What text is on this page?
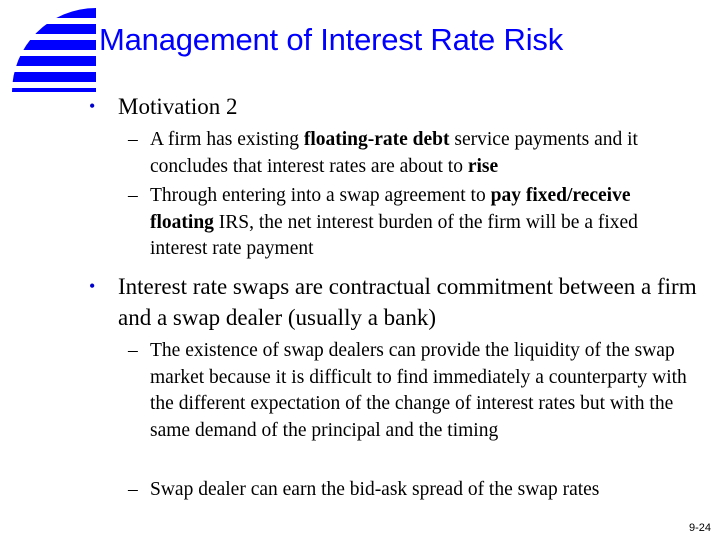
Management of Interest Rate Risk
• Motivation 2
– A firm has existing floating-rate debt service payments and it concludes that interest rates are about to rise
– Through entering into a swap agreement to pay fixed/receive floating IRS, the net interest burden of the firm will be a fixed interest rate payment
• Interest rate swaps are contractual commitment between a firm and a swap dealer (usually a bank)
– The existence of swap dealers can provide the liquidity of the swap market because it is difficult to find immediately a counterparty with the different expectation of the change of interest rates but with the same demand of the principal and the timing
– Swap dealer can earn the bid-ask spread of the swap rates
9-24
